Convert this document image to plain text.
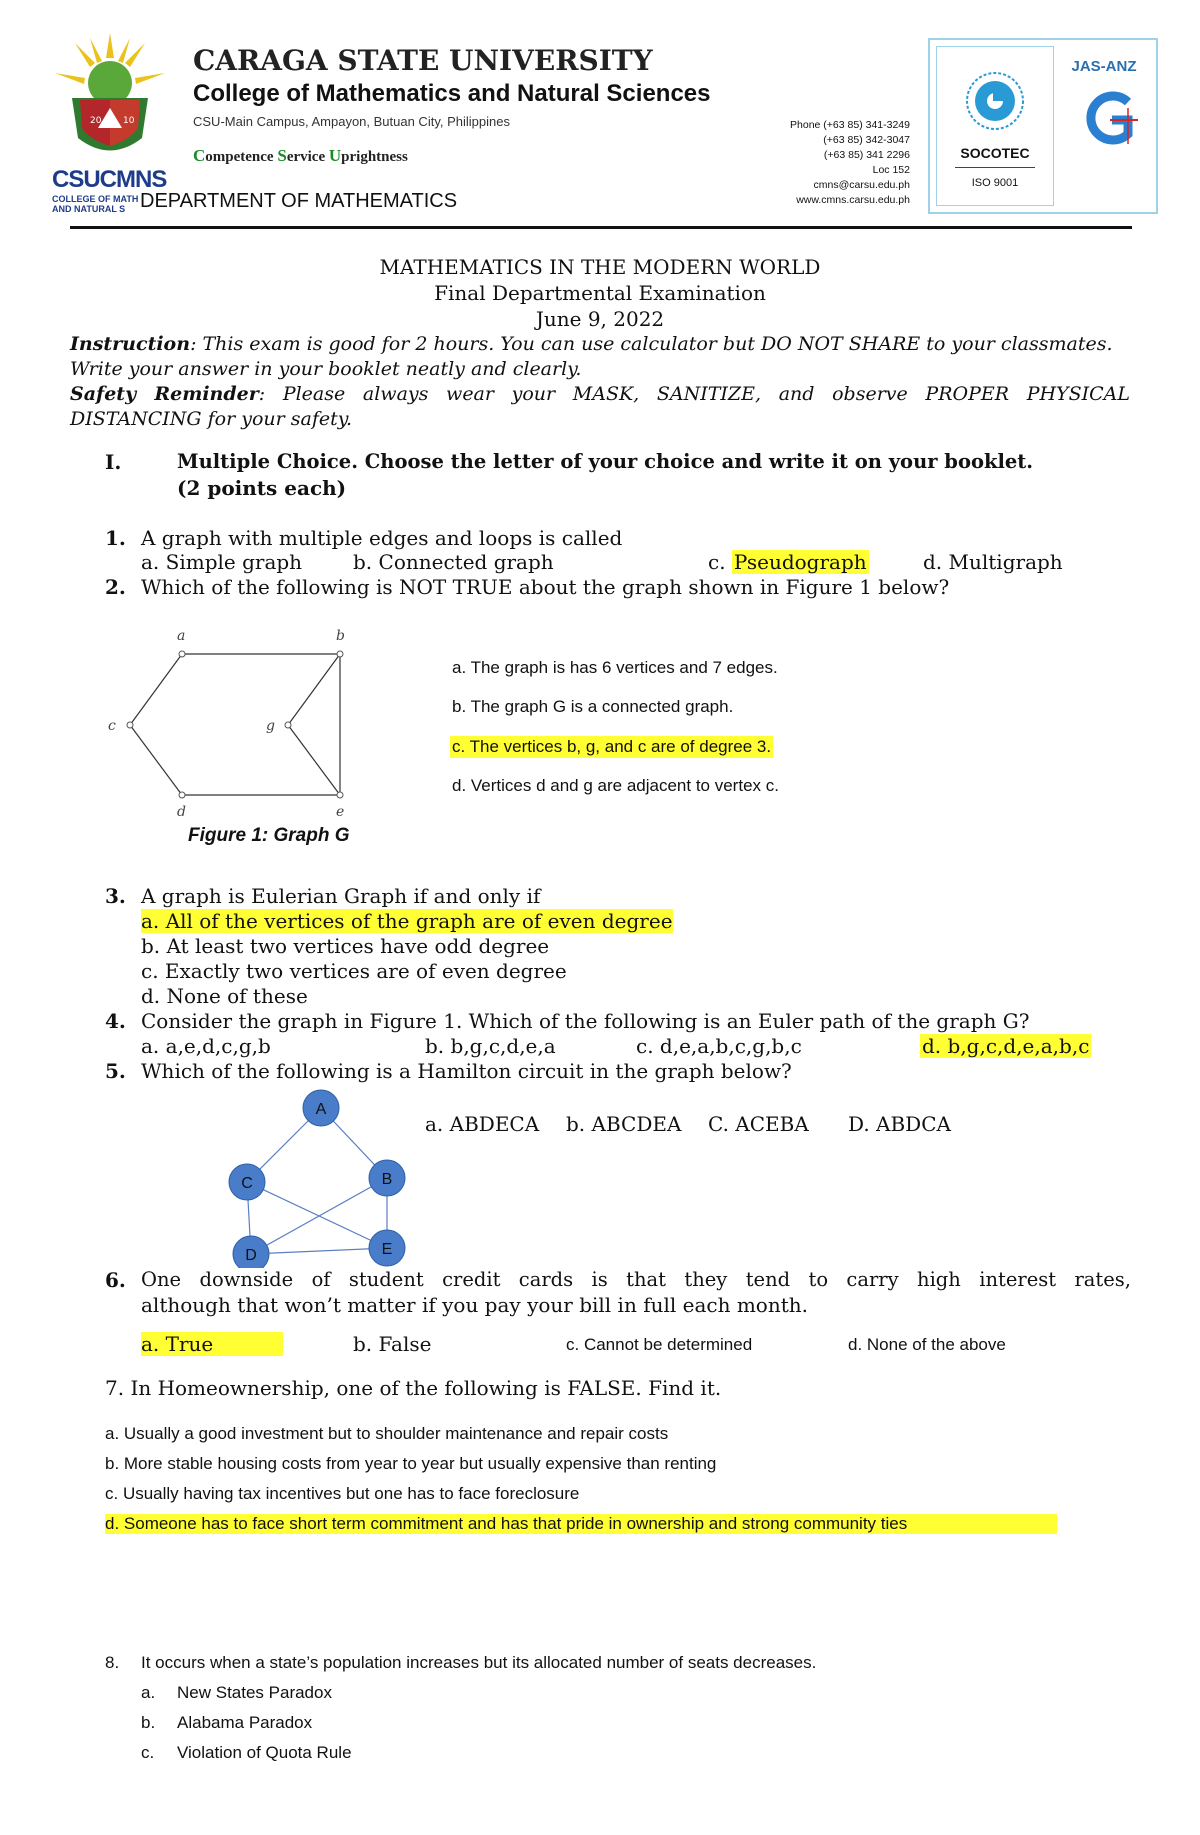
20 10
CSUCMNS
COLLEGE OF MATH
AND NATURAL S
CARAGA STATE UNIVERSITY
College of Mathematics and Natural Sciences
CSU-Main Campus, Ampayon, Butuan City, Philippines
Competence Service Uprightness
DEPARTMENT OF MATHEMATICS
Phone (+63 85) 341-3249
(+63 85) 342-3047
(+63 85) 341 2296
Loc 152
cmns@carsu.edu.ph
www.cmns.carsu.edu.ph
SOCOTEC
ISO 9001
JAS-ANZ
MATHEMATICS IN THE MODERN WORLD
Final Departmental Examination
June 9, 2022
Instruction: This exam is good for 2 hours. You can use calculator but DO NOT SHARE to your classmates. Write your answer in your booklet neatly and clearly.
Safety Reminder: Please always wear your MASK, SANITIZE, and observe PROPER PHYSICAL DISTANCING for your safety.
I.	Multiple Choice. Choose the letter of your choice and write it on your booklet.
(2 points each)
1. A graph with multiple edges and loops is called
a. Simple graph	b. Connected graph	c. Pseudograph	d. Multigraph
2. Which of the following is NOT TRUE about the graph shown in Figure 1 below?
a	b
c	g
d	e
Figure 1: Graph G
a. The graph is has 6 vertices and 7 edges.
b. The graph G is a connected graph.
c. The vertices b, g, and c are of degree 3.
d. Vertices d and g are adjacent to vertex c.
3. A graph is Eulerian Graph if and only if
a. All of the vertices of the graph are of even degree
b. At least two vertices have odd degree
c. Exactly two vertices are of even degree
d. None of these
4. Consider the graph in Figure 1. Which of the following is an Euler path of the graph G?
a. a,e,d,c,g,b	b. b,g,c,d,e,a	c. d,e,a,b,c,g,b,c	d. b,g,c,d,e,a,b,c
5. Which of the following is a Hamilton circuit in the graph below?
A
B
C
D	E
a. ABDECA b. ABCDEA C. ACEBA D. ABDCA
6. One downside of student credit cards is that they tend to carry high interest rates,
although that won’t matter if you pay your bill in full each month.
a. True	b. False	c. Cannot be determined	d. None of the above
7. In Homeownership, one of the following is FALSE. Find it.
a. Usually a good investment but to shoulder maintenance and repair costs
b. More stable housing costs from year to year but usually expensive than renting
c. Usually having tax incentives but one has to face foreclosure
d. Someone has to face short term commitment and has that pride in ownership and strong community ties
8. It occurs when a state’s population increases but its allocated number of seats decreases.
a. New States Paradox
b. Alabama Paradox
c. Violation of Quota Rule
